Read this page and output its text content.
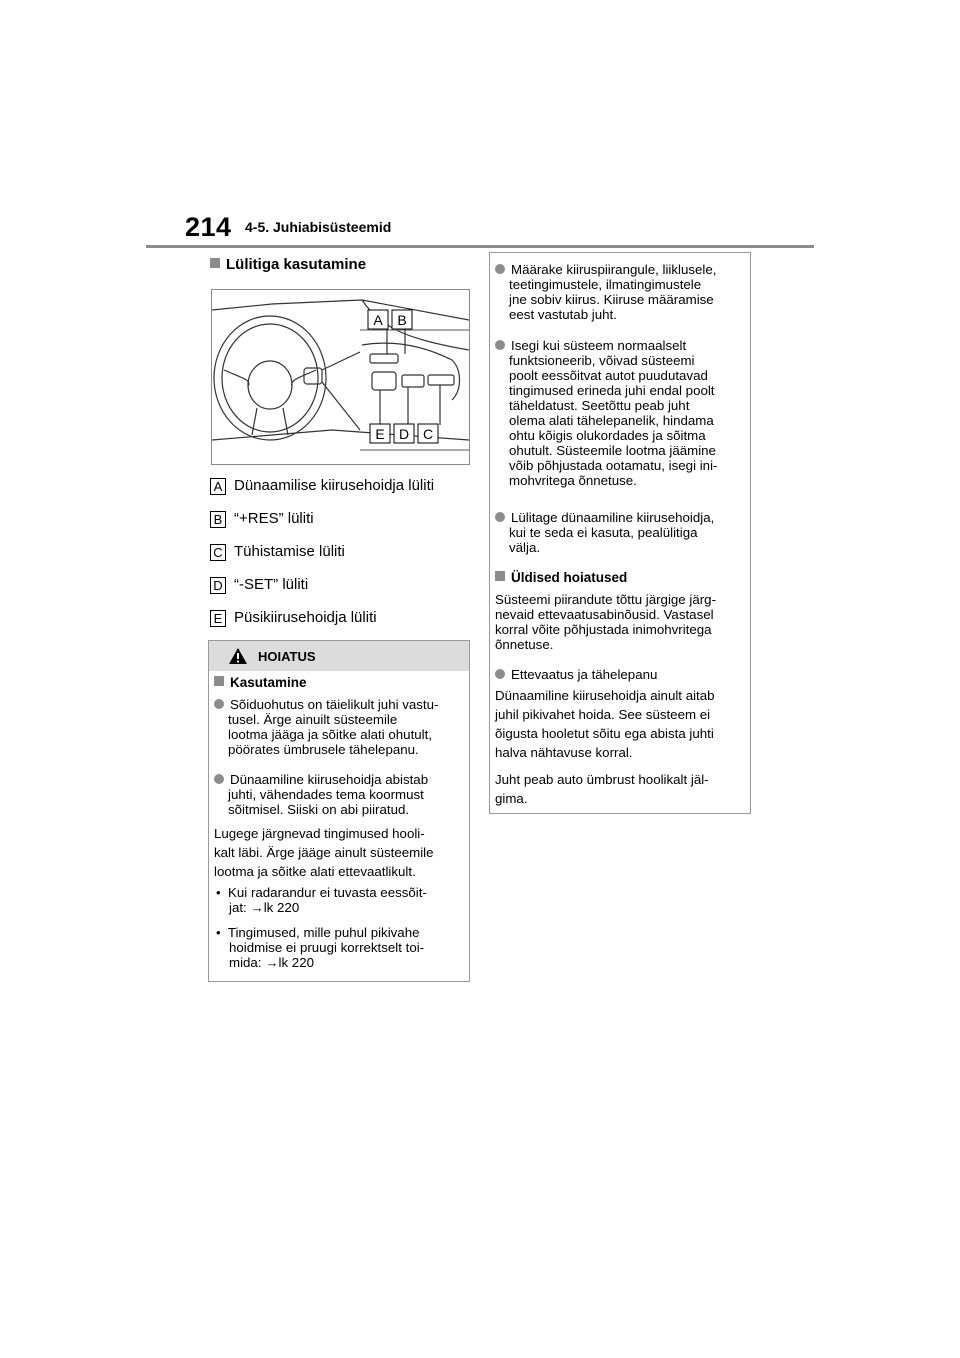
214 4-5. Juhiabisüsteemid
Lülitiga kasutamine
A B
E D C
A Dünaamilise kiirusehoidja lüliti
B “+RES” lüliti
C Tühistamise lüliti
D “-SET” lüliti
E Püsikiirusehoidja lüliti
HOIATUS
Kasutamine
Sõiduohutus on täielikult juhi vastu-
tusel. Ärge ainuilt süsteemile
lootma jääga ja sõitke alati ohutult,
pöörates ümbrusele tähelepanu.
Dünaamiline kiirusehoidja abistab
juhti, vähendades tema koormust
sõitmisel. Siiski on abi piiratud.
Lugege järgnevad tingimused hooli-
kalt läbi. Ärge jääge ainult süsteemile
lootma ja sõitke alati ettevaatlikult.
•  Kui radarandur ei tuvasta eessõit-
jat: →lk 220
•  Tingimused, mille puhul pikivahe
hoidmise ei pruugi korrektselt toi-
mida: →lk 220
Määrake kiiruspiirangule, liiklusele,
teetingimustele, ilmatingimustele
jne sobiv kiirus. Kiiruse määramise
eest vastutab juht.
Isegi kui süsteem normaalselt
funktsioneerib, võivad süsteemi
poolt eessõitvat autot puudutavad
tingimused erineda juhi endal poolt
täheldatust. Seetõttu peab juht
olema alati tähelepanelik, hindama
ohtu kõigis olukordades ja sõitma
ohutult. Süsteemile lootma jäämine
võib põhjustada ootamatu, isegi ini-
mohvritega õnnetuse.
Lülitage dünaamiline kiirusehoidja,
kui te seda ei kasuta, pealülitiga
välja.
Üldised hoiatused
Süsteemi piirandute tõttu järgige järg-
nevaid ettevaatusabinõusid. Vastasel
korral võite põhjustada inimohvritega
õnnetuse.
Ettevaatus ja tähelepanu
Dünaamiline kiirusehoidja ainult aitab
juhil pikivahet hoida. See süsteem ei
õigusta hooletut sõitu ega abista juhti
halva nähtavuse korral.
Juht peab auto ümbrust hoolikalt jäl-
gima.
